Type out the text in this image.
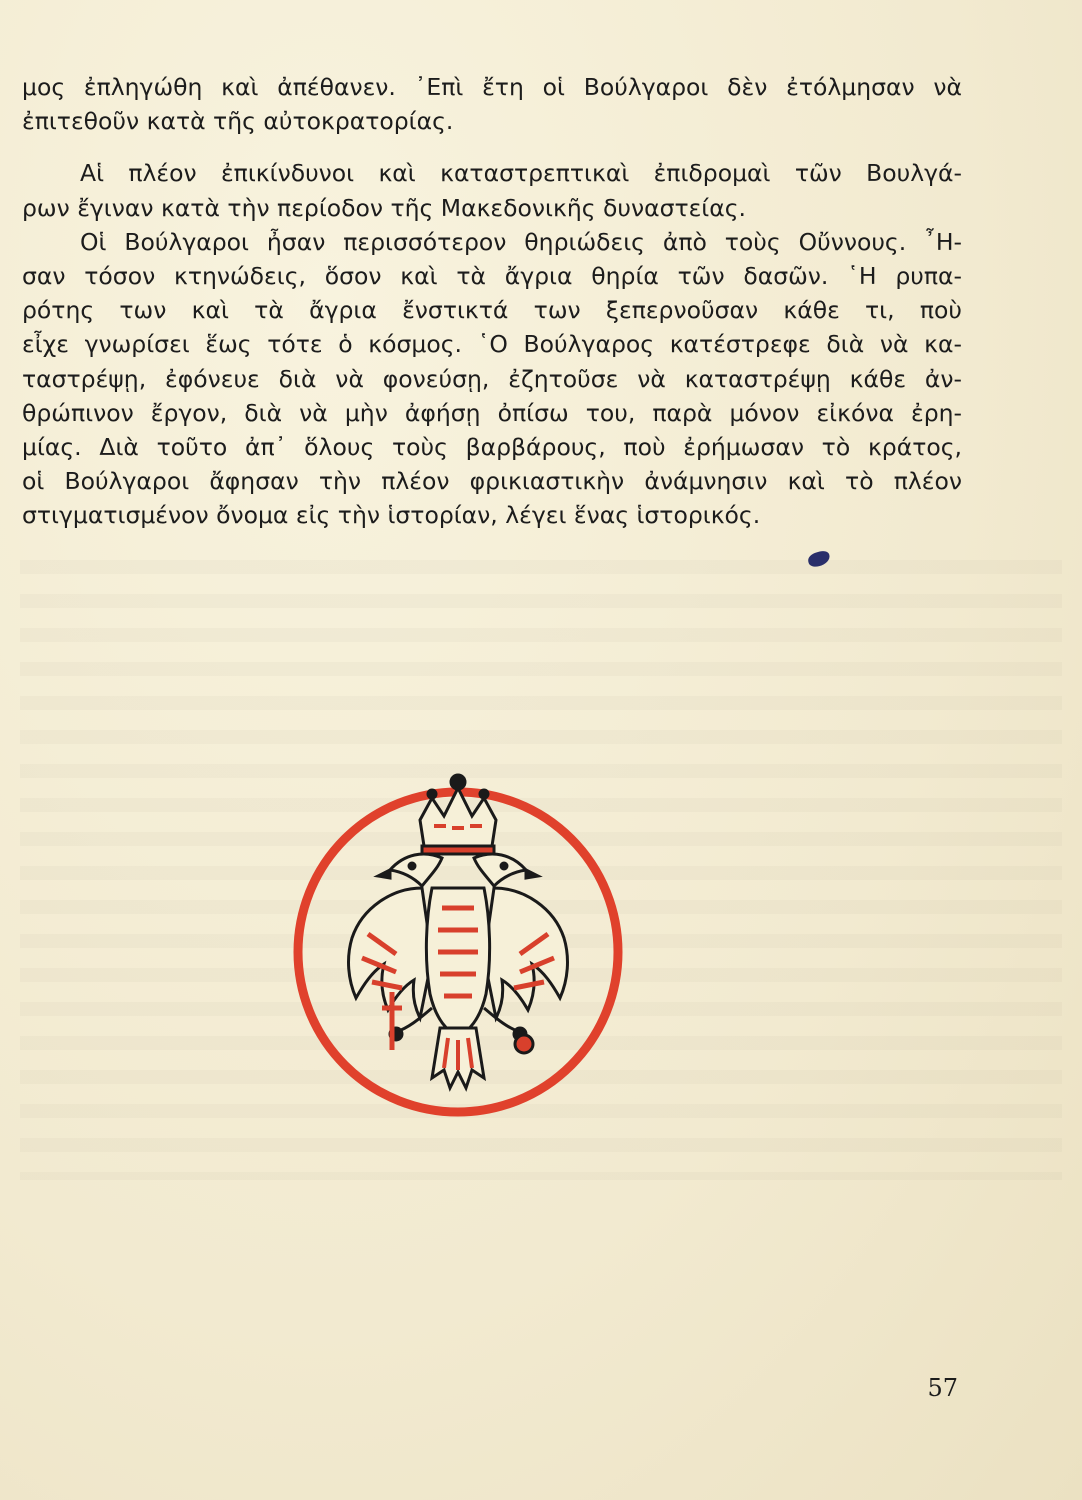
μος ἐπληγώθη καὶ ἀπέθανεν. ᾿Επὶ ἔτη οἱ Βούλγαροι δὲν ἐτόλμησαν νὰ
ἐπιτεθοῦν κατὰ τῆς αὐτοκρατορίας.

Αἱ πλέον ἐπικίνδυνοι καὶ καταστρεπτικαὶ ἐπιδρομαὶ τῶν Βουλγά-
ρων ἔγιναν κατὰ τὴν περίοδον τῆς Μακεδονικῆς δυναστείας.

Οἱ Βούλγαροι ἦσαν περισσότερον θηριώδεις ἀπὸ τοὺς Οὔννους. ῏Η-
σαν τόσον κτηνώδεις, ὅσον καὶ τὰ ἄγρια θηρία τῶν δασῶν. ῾Η ρυπα-
ρότης των καὶ τὰ ἄγρια ἔνστικτά των ξεπερνοῦσαν κάθε τι, ποὺ
εἶχε γνωρίσει ἕως τότε ὁ κόσμος. ῾Ο Βούλγαρος κατέστρεφε διὰ νὰ κα-
ταστρέψῃ, ἐφόνευε διὰ νὰ φονεύσῃ, ἐζητοῦσε νὰ καταστρέψῃ κάθε ἀν-
θρώπινον ἔργον, διὰ νὰ μὴν ἀφήσῃ ὀπίσω του, παρὰ μόνον εἰκόνα ἐρη-
μίας. Διὰ τοῦτο ἀπ᾿ ὅλους τοὺς βαρβάρους, ποὺ ἐρήμωσαν τὸ κράτος,
οἱ Βούλγαροι ἄφησαν τὴν πλέον φρικιαστικὴν ἀνάμνησιν καὶ τὸ πλέον
στιγματισμένον ὄνομα εἰς τὴν ἱστορίαν, λέγει ἕνας ἱστορικός.

57
